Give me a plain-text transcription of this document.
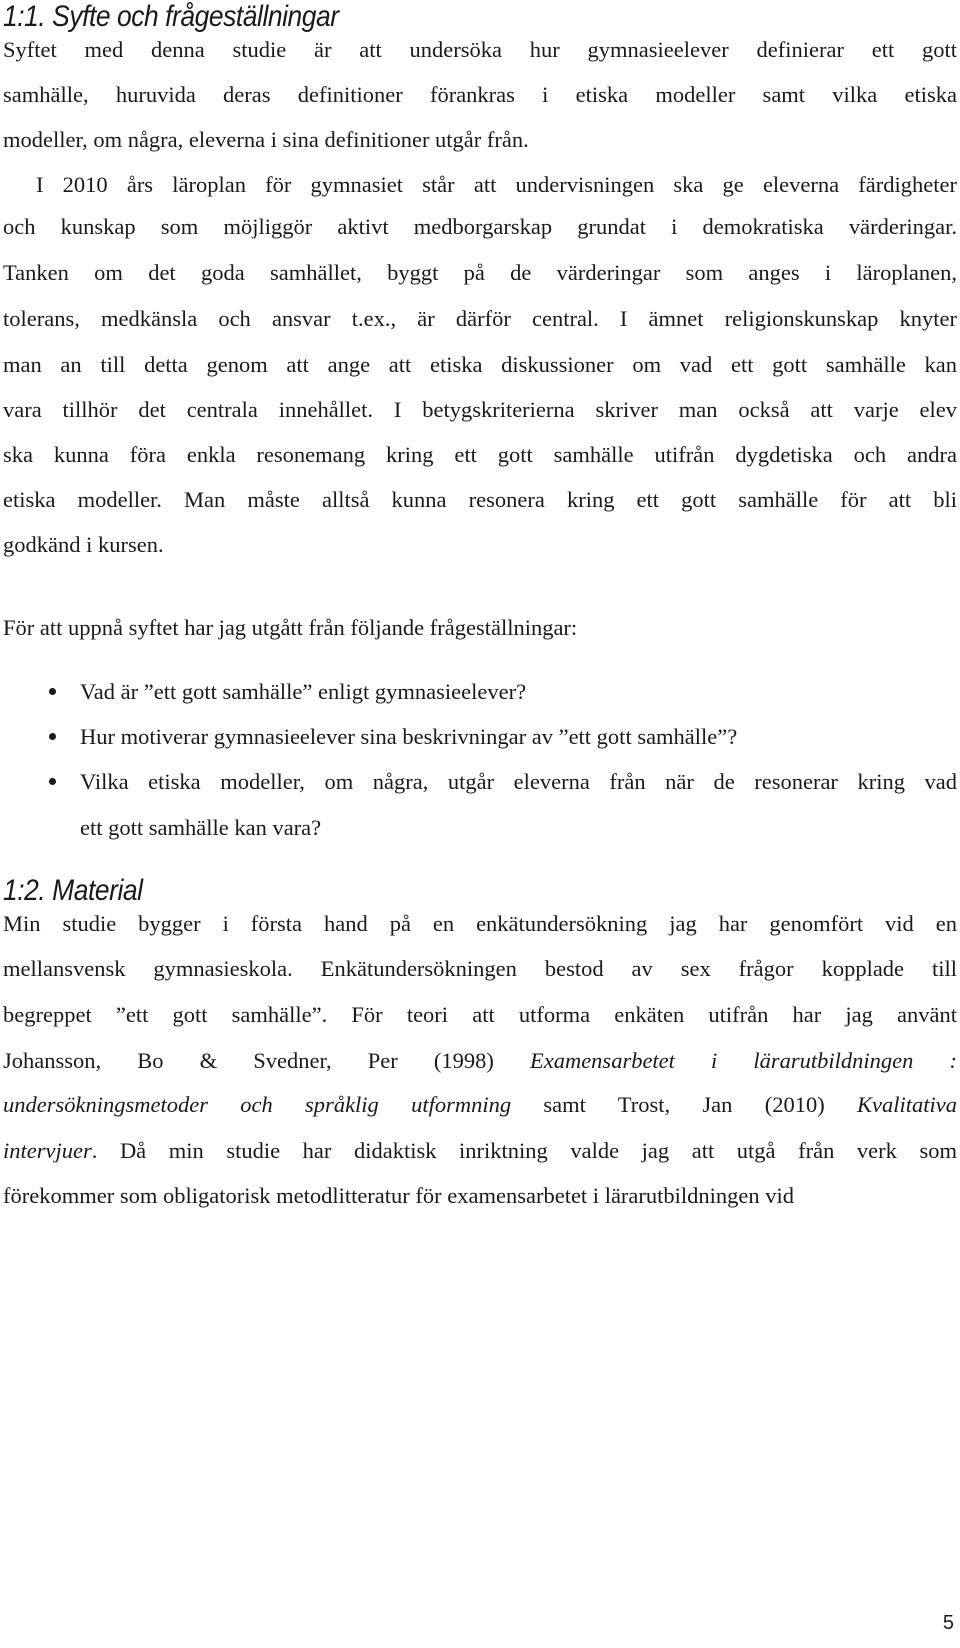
1:1. Syfte och frågeställningar
Syftet med denna studie är att undersöka hur gymnasieelever definierar ett gott
samhälle, huruvida deras definitioner förankras i etiska modeller samt vilka etiska
modeller, om några, eleverna i sina definitioner utgår från.
I 2010 års läroplan för gymnasiet står att undervisningen ska ge eleverna färdigheter
och kunskap som möjliggör aktivt medborgarskap grundat i demokratiska värderingar.
Tanken om det goda samhället, byggt på de värderingar som anges i läroplanen,
tolerans, medkänsla och ansvar t.ex., är därför central. I ämnet religionskunskap knyter
man an till detta genom att ange att etiska diskussioner om vad ett gott samhälle kan
vara tillhör det centrala innehållet. I betygskriterierna skriver man också att varje elev
ska kunna föra enkla resonemang kring ett gott samhälle utifrån dygdetiska och andra
etiska modeller. Man måste alltså kunna resonera kring ett gott samhälle för att bli
godkänd i kursen.
För att uppnå syftet har jag utgått från följande frågeställningar:
Vad är ”ett gott samhälle” enligt gymnasieelever?
Hur motiverar gymnasieelever sina beskrivningar av ”ett gott samhälle”?
Vilka etiska modeller, om några, utgår eleverna från när de resonerar kring vad
ett gott samhälle kan vara?
1:2. Material
Min studie bygger i första hand på en enkätundersökning jag har genomfört vid en
mellansvensk gymnasieskola. Enkätundersökningen bestod av sex frågor kopplade till
begreppet ”ett gott samhälle”. För teori att utforma enkäten utifrån har jag använt
Johansson, Bo & Svedner, Per (1998) Examensarbetet i lärarutbildningen :
undersökningsmetoder och språklig utformning samt Trost, Jan (2010) Kvalitativa
intervjuer. Då min studie har didaktisk inriktning valde jag att utgå från verk som
förekommer som obligatorisk metodlitteratur för examensarbetet i lärarutbildningen vid
5
